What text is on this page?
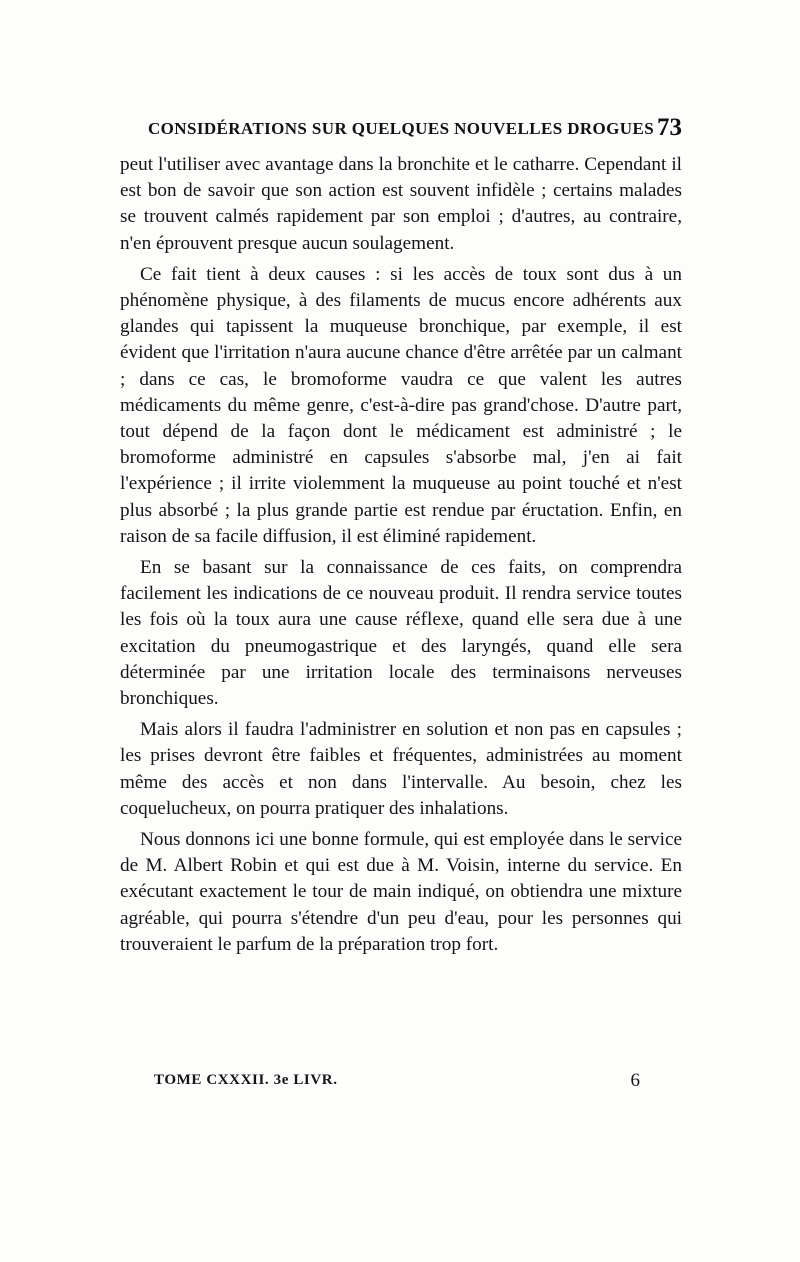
CONSIDÉRATIONS SUR QUELQUES NOUVELLES DROGUES 73

peut l'utiliser avec avantage dans la bronchite et le catharre. Cependant il est bon de savoir que son action est souvent infidèle ; certains malades se trouvent calmés rapidement par son emploi ; d'autres, au contraire, n'en éprouvent presque aucun soulagement.

Ce fait tient à deux causes : si les accès de toux sont dus à un phénomène physique, à des filaments de mucus encore adhérents aux glandes qui tapissent la muqueuse bronchique, par exemple, il est évident que l'irritation n'aura aucune chance d'être arrêtée par un calmant ; dans ce cas, le bromoforme vaudra ce que valent les autres médicaments du même genre, c'est-à-dire pas grand'chose. D'autre part, tout dépend de la façon dont le médicament est administré ; le bromoforme administré en capsules s'absorbe mal, j'en ai fait l'expérience ; il irrite violemment la muqueuse au point touché et n'est plus absorbé ; la plus grande partie est rendue par éructation. Enfin, en raison de sa facile diffusion, il est éliminé rapidement.

En se basant sur la connaissance de ces faits, on comprendra facilement les indications de ce nouveau produit. Il rendra service toutes les fois où la toux aura une cause réflexe, quand elle sera due à une excitation du pneumogastrique et des laryngés, quand elle sera déterminée par une irritation locale des terminaisons nerveuses bronchiques.

Mais alors il faudra l'administrer en solution et non pas en capsules ; les prises devront être faibles et fréquentes, administrées au moment même des accès et non dans l'intervalle. Au besoin, chez les coquelucheux, on pourra pratiquer des inhalations.

Nous donnons ici une bonne formule, qui est employée dans le service de M. Albert Robin et qui est due à M. Voisin, interne du service. En exécutant exactement le tour de main indiqué, on obtiendra une mixture agréable, qui pourra s'étendre d'un peu d'eau, pour les personnes qui trouveraient le parfum de la préparation trop fort.

TOME CXXXII. 3e LIVR.	6
